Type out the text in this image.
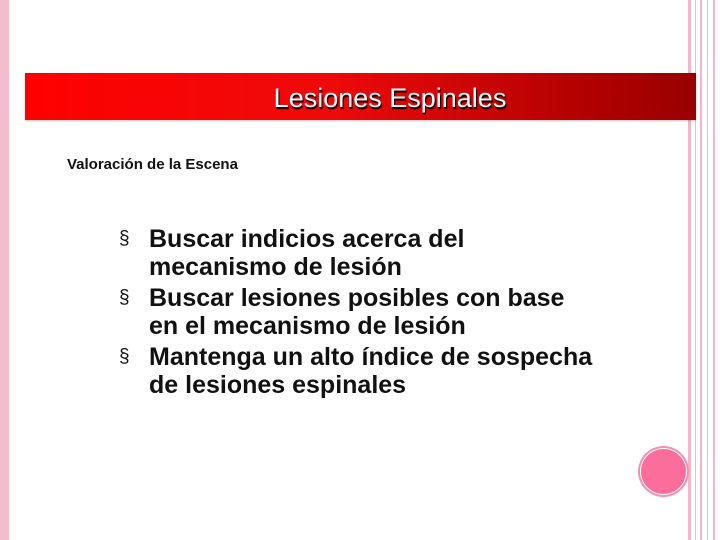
Lesiones Espinales
Valoración de la Escena
§ Buscar indicios acerca del
mecanismo de lesión
§ Buscar lesiones posibles con base
en el mecanismo de lesión
§ Mantenga un alto índice de sospecha
de lesiones espinales
